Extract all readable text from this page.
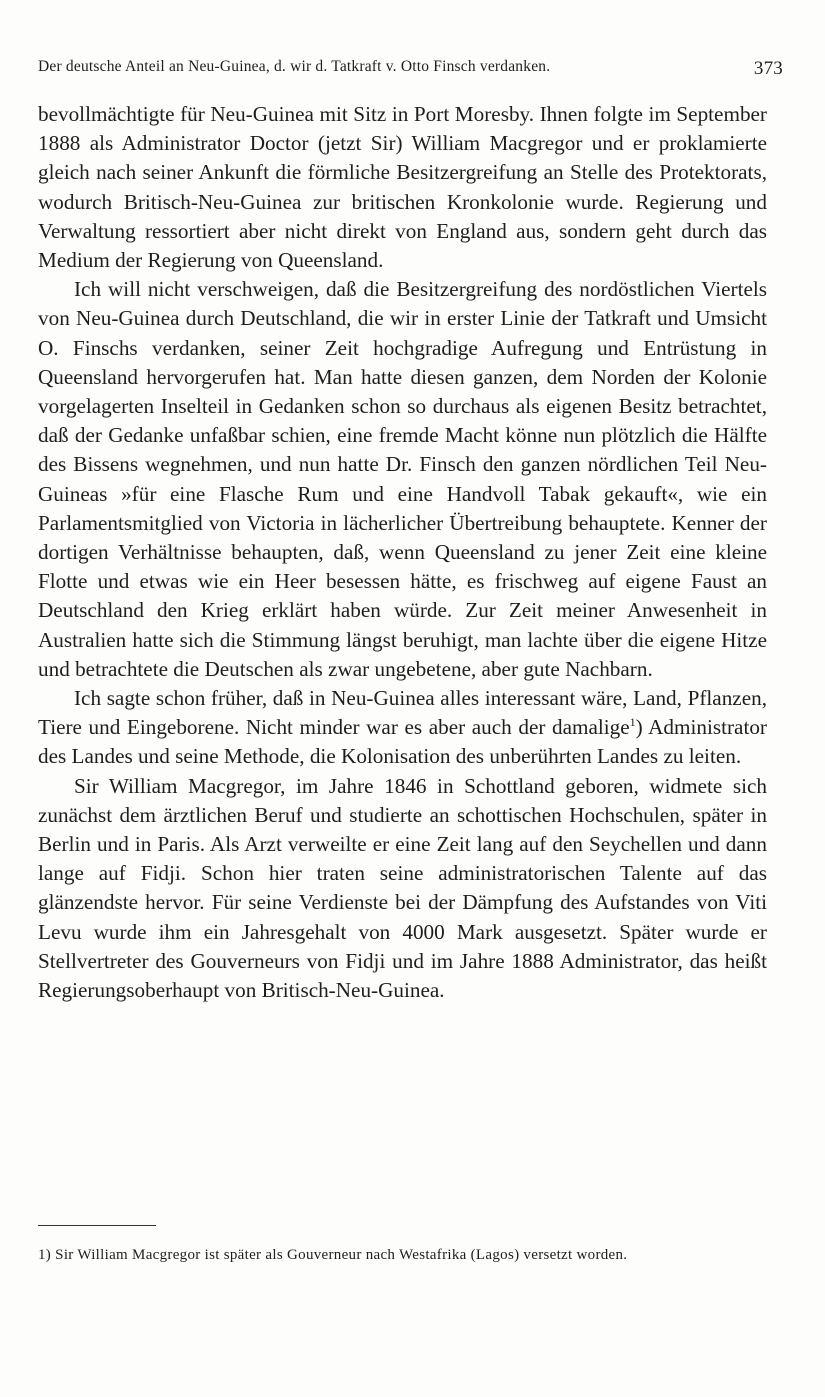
Der deutsche Anteil an Neu-Guinea, d. wir d. Tatkraft v. Otto Finsch verdanken.	373

bevollmächtigte für Neu-Guinea mit Sitz in Port Moresby. Ihnen folgte im September 1888 als Administrator Doctor (jetzt Sir) William Macgregor und er proklamierte gleich nach seiner Ankunft die förmliche Besitzergreifung an Stelle des Protektorats, wodurch Britisch-Neu-Guinea zur britischen Kronkolonie wurde. Regierung und Verwaltung ressortiert aber nicht direkt von England aus, sondern geht durch das Medium der Regierung von Queensland.

Ich will nicht verschweigen, daß die Besitzergreifung des nordöstlichen Viertels von Neu-Guinea durch Deutschland, die wir in erster Linie der Tatkraft und Umsicht O. Finschs verdanken, seiner Zeit hochgradige Aufregung und Entrüstung in Queensland hervorgerufen hat. Man hatte diesen ganzen, dem Norden der Kolonie vorgelagerten Inselteil in Gedanken schon so durchaus als eigenen Besitz betrachtet, daß der Gedanke unfaßbar schien, eine fremde Macht könne nun plötzlich die Hälfte des Bissens wegnehmen, und nun hatte Dr. Finsch den ganzen nördlichen Teil Neu-Guineas »für eine Flasche Rum und eine Handvoll Tabak gekauft«, wie ein Parlamentsmitglied von Victoria in lächerlicher Übertreibung behauptete. Kenner der dortigen Verhältnisse behaupten, daß, wenn Queensland zu jener Zeit eine kleine Flotte und etwas wie ein Heer besessen hätte, es frischweg auf eigene Faust an Deutschland den Krieg erklärt haben würde. Zur Zeit meiner Anwesenheit in Australien hatte sich die Stimmung längst beruhigt, man lachte über die eigene Hitze und betrachtete die Deutschen als zwar ungebetene, aber gute Nachbarn.

Ich sagte schon früher, daß in Neu-Guinea alles interessant wäre, Land, Pflanzen, Tiere und Eingeborene. Nicht minder war es aber auch der damalige$^1$) Administrator des Landes und seine Methode, die Kolonisation des unberührten Landes zu leiten.

Sir William Macgregor, im Jahre 1846 in Schottland geboren, widmete sich zunächst dem ärztlichen Beruf und studierte an schottischen Hochschulen, später in Berlin und in Paris. Als Arzt verweilte er eine Zeit lang auf den Seychellen und dann lange auf Fidji. Schon hier traten seine administratorischen Talente auf das glänzendste hervor. Für seine Verdienste bei der Dämpfung des Aufstandes von Viti Levu wurde ihm ein Jahresgehalt von 4000 Mark ausgesetzt. Später wurde er Stellvertreter des Gouverneurs von Fidji und im Jahre 1888 Administrator, das heißt Regierungsoberhaupt von Britisch-Neu-Guinea.

1) Sir William Macgregor ist später als Gouverneur nach Westafrika (Lagos) versetzt worden.
